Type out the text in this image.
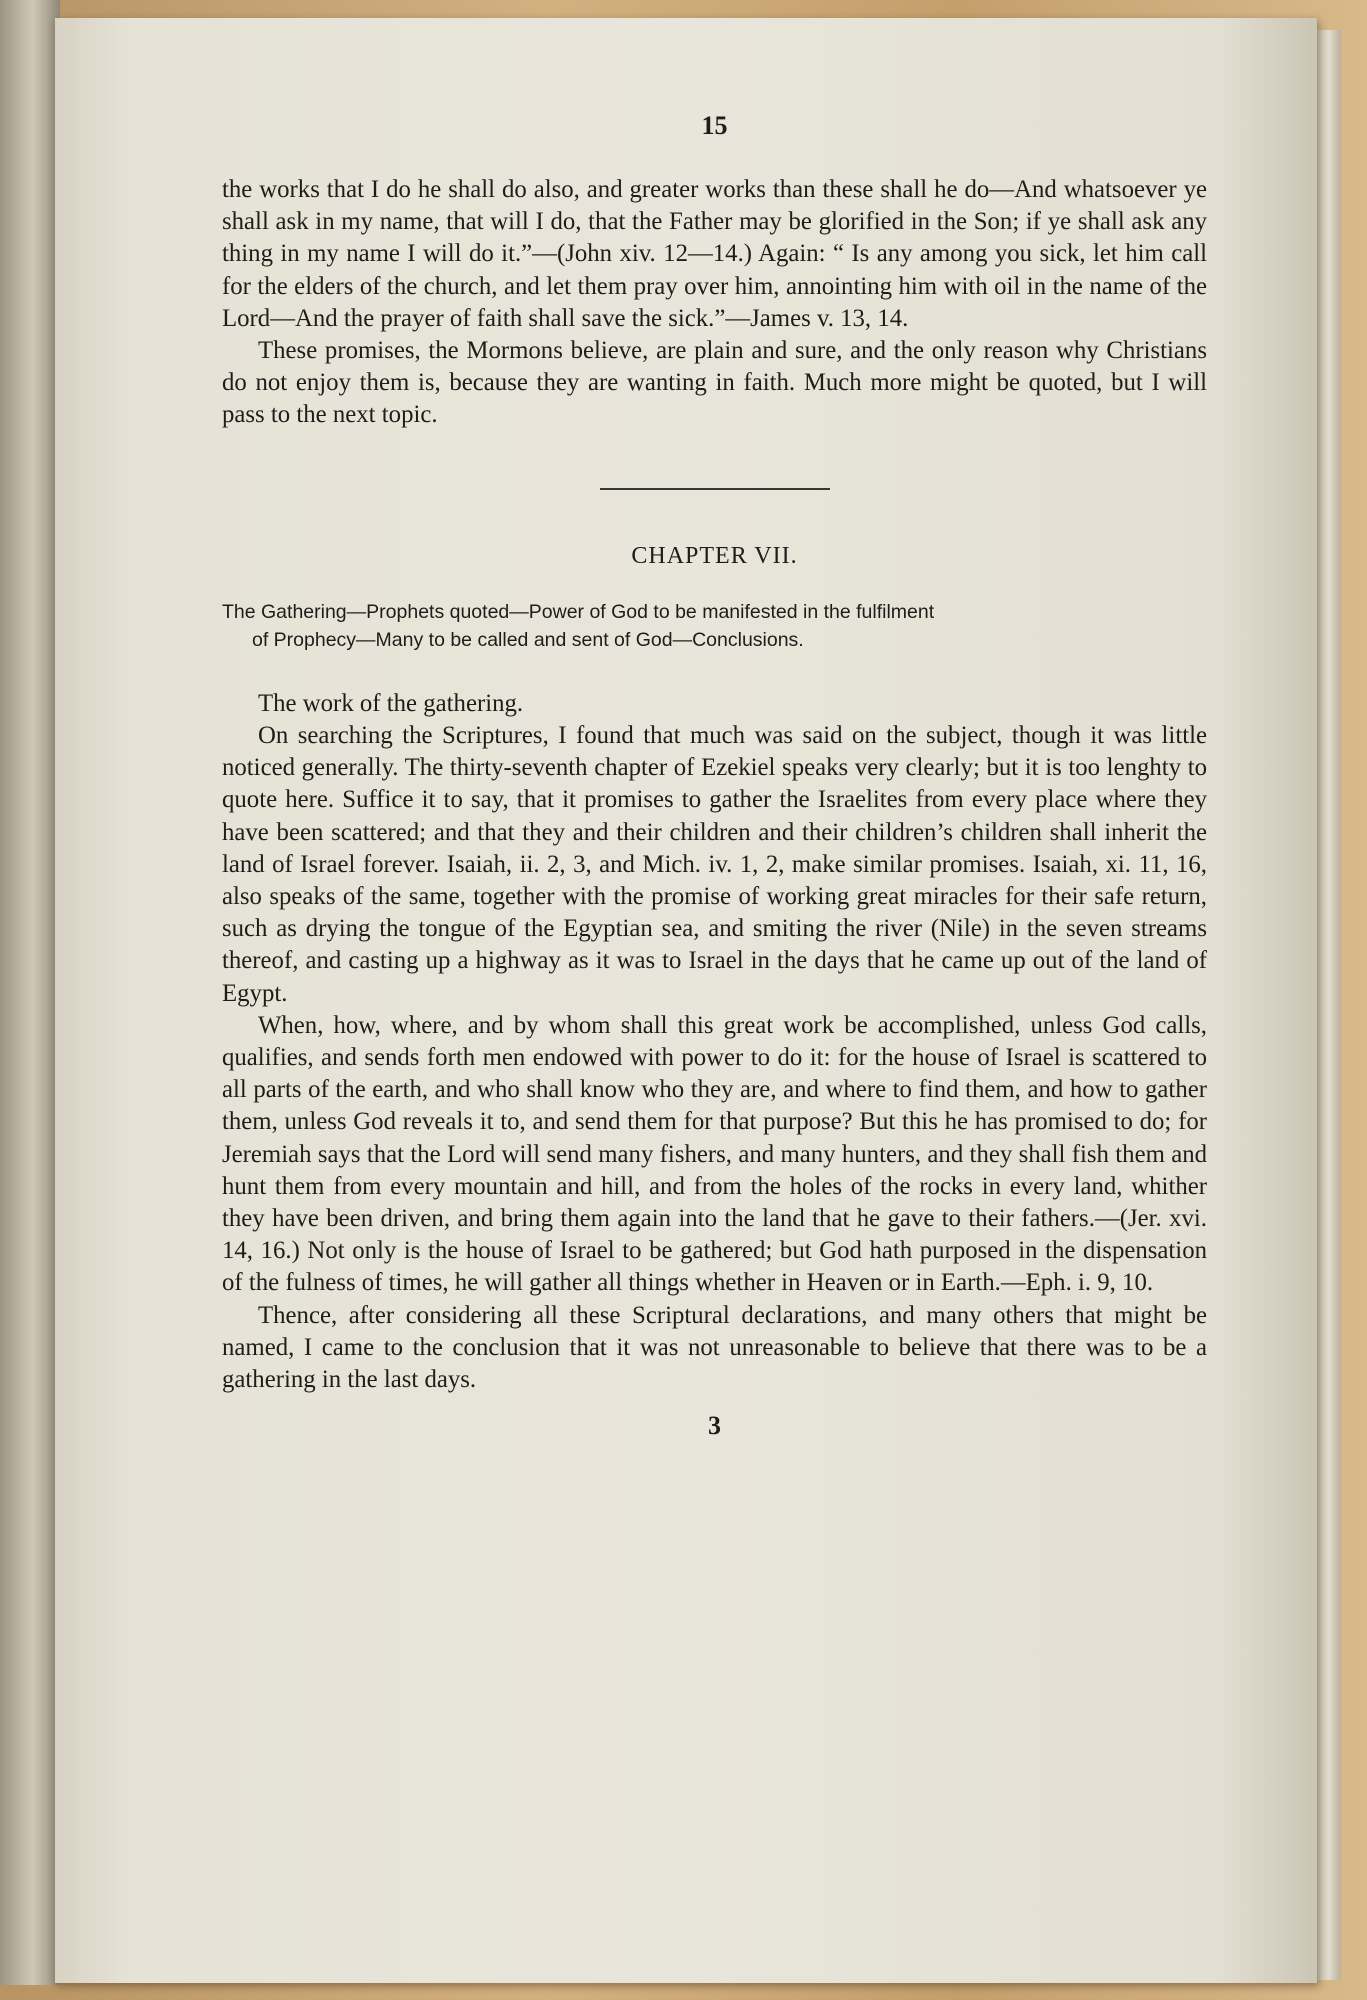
15

the works that I do he shall do also, and greater works than these shall he do—And whatsoever ye shall ask in my name, that will I do, that the Father may be glorified in the Son; if ye shall ask any thing in my name I will do it.”—(John xiv. 12—14.) Again: “ Is any among you sick, let him call for the elders of the church, and let them pray over him, annointing him with oil in the name of the Lord—And the prayer of faith shall save the sick.”—James v. 13, 14.

These promises, the Mormons believe, are plain and sure, and the only reason why Christians do not enjoy them is, because they are wanting in faith. Much more might be quoted, but I will pass to the next topic.

CHAPTER VII.
The Gathering—Prophets quoted—Power of God to be manifested in the fulfilment
of Prophecy—Many to be called and sent of God—Conclusions.

The work of the gathering.

On searching the Scriptures, I found that much was said on the subject, though it was little noticed generally. The thirty-seventh chapter of Ezekiel speaks very clearly; but it is too lenghty to quote here. Suffice it to say, that it promises to gather the Israelites from every place where they have been scattered; and that they and their children and their children’s children shall inherit the land of Israel forever. Isaiah, ii. 2, 3, and Mich. iv. 1, 2, make similar promises. Isaiah, xi. 11, 16, also speaks of the same, together with the promise of working great miracles for their safe return, such as drying the tongue of the Egyptian sea, and smiting the river (Nile) in the seven streams thereof, and casting up a highway as it was to Israel in the days that he came up out of the land of Egypt.

When, how, where, and by whom shall this great work be accomplished, unless God calls, qualifies, and sends forth men endowed with power to do it: for the house of Israel is scattered to all parts of the earth, and who shall know who they are, and where to find them, and how to gather them, unless God reveals it to, and send them for that purpose? But this he has promised to do; for Jeremiah says that the Lord will send many fishers, and many hunters, and they shall fish them and hunt them from every mountain and hill, and from the holes of the rocks in every land, whither they have been driven, and bring them again into the land that he gave to their fathers.—(Jer. xvi. 14, 16.) Not only is the house of Israel to be gathered; but God hath purposed in the dispensation of the fulness of times, he will gather all things whether in Heaven or in Earth.—Eph. i. 9, 10.

Thence, after considering all these Scriptural declarations, and many others that might be named, I came to the conclusion that it was not unreasonable to believe that there was to be a gathering in the last days.

3
